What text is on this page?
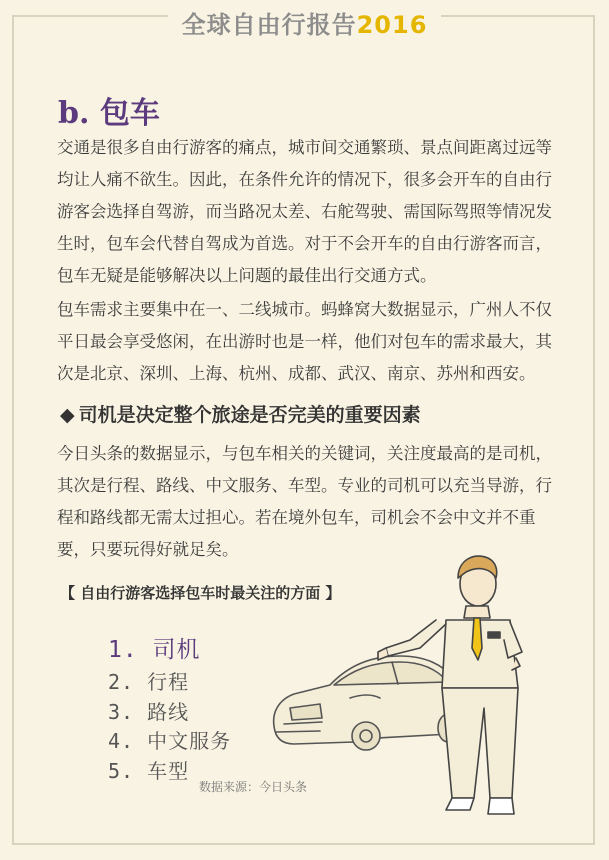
全球自由行报告2016
b. 包车
交通是很多自由行游客的痛点，城市间交通繁琐、景点间距离过远等均让人痛不欲生。因此，在条件允许的情况下，很多会开车的自由行游客会选择自驾游，而当路况太差、右舵驾驶、需国际驾照等情况发生时，包车会代替自驾成为首选。对于不会开车的自由行游客而言，包车无疑是能够解决以上问题的最佳出行交通方式。
包车需求主要集中在一、二线城市。蚂蜂窝大数据显示，广州人不仅平日最会享受悠闲，在出游时也是一样，他们对包车的需求最大，其次是北京、深圳、上海、杭州、成都、武汉、南京、苏州和西安。
◆ 司机是决定整个旅途是否完美的重要因素
今日头条的数据显示，与包车相关的关键词，关注度最高的是司机，其次是行程、路线、中文服务、车型。专业的司机可以充当导游，行程和路线都无需太过担心。若在境外包车，司机会不会中文并不重要，只要玩得好就足矣。
【 自由行游客选择包车时最关注的方面 】
1. 司机
2. 行程
3. 路线
4. 中文服务
5. 车型
数据来源：今日头条
